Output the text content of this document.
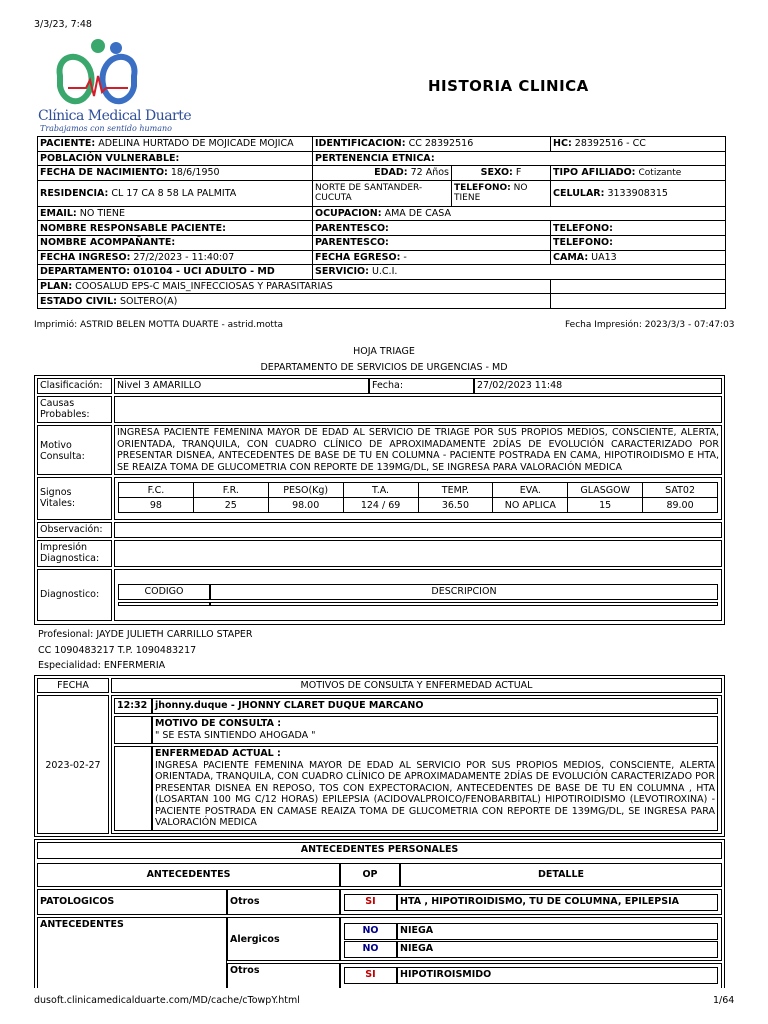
3/3/23, 7:48
Clínica Medical Duarte
Trabajamos con sentido humano
HISTORIA CLINICA
PACIENTE: ADELINA HURTADO DE MOJICADE MOJICA	IDENTIFICACION: CC 28392516		HC: 28392516 - CC
POBLACIÓN VULNERABLE:	PERTENENCIA ETNICA:		
FECHA DE NACIMIENTO: 18/6/1950	EDAD: 72 Años	SEXO: F	TIPO AFILIADO: Cotizante
RESIDENCIA: CL 17 CA 8 58 LA PALMITA	NORTE DE SANTANDER-CUCUTA	TELEFONO: NO TIENE	CELULAR: 3133908315
EMAIL: NO TIENE	OCUPACION: AMA DE CASA		
NOMBRE RESPONSABLE PACIENTE:	PARENTESCO:		TELEFONO:
NOMBRE ACOMPAÑANTE:	PARENTESCO:		TELEFONO:
FECHA INGRESO: 27/2/2023 - 11:40:07	FECHA EGRESO: -		CAMA: UA13
DEPARTAMENTO: 010104 - UCI ADULTO - MD	SERVICIO: U.C.I.		
PLAN: COOSALUD EPS-C MAIS_INFECCIOSAS Y PARASITARIAS			
ESTADO CIVIL: SOLTERO(A)			
Imprimió: ASTRID BELEN MOTTA DUARTE - astrid.motta	Fecha Impresión: 2023/3/3 - 07:47:03
HOJA TRIAGE
DEPARTAMENTO DE SERVICIOS DE URGENCIAS - MD
Clasificación:	Nivel 3 AMARILLO	Fecha:	27/02/2023 11:48
Causas Probables:
Motivo Consulta:
INGRESA PACIENTE FEMENINA MAYOR DE EDAD AL SERVICIO DE TRIAGE POR SUS PROPIOS MEDIOS, CONSCIENTE, ALERTA, ORIENTADA, TRANQUILA, CON CUADRO CLÍNICO DE APROXIMADAMENTE 2DÍAS DE EVOLUCIÓN CARACTERIZADO POR PRESENTAR DISNEA, ANTECEDENTES DE BASE DE TU EN COLUMNA - PACIENTE POSTRADA EN CAMA, HIPOTIROIDISMO E HTA, SE REAIZA TOMA DE GLUCOMETRIA CON REPORTE DE 139MG/DL, SE INGRESA PARA VALORACIÓN MEDICA
Signos Vitales:
F.C.	F.R.	PESO(Kg)	T.A.	TEMP.	EVA.	GLASGOW	SAT02
98	25	98.00	124 / 69	36.50	NO APLICA	15	89.00
Observación:
Impresión Diagnostica:
Diagnostico:	CODIGO	DESCRIPCION
Profesional: JAYDE JULIETH CARRILLO STAPER
CC 1090483217 T.P. 1090483217
Especialidad: ENFERMERIA
FECHA	MOTIVOS DE CONSULTA Y ENFERMEDAD ACTUAL
2023-02-27
12:32 jhonny.duque - JHONNY CLARET DUQUE MARCANO
MOTIVO DE CONSULTA :
" SE ESTA SINTIENDO AHOGADA "
ENFERMEDAD ACTUAL :
INGRESA PACIENTE FEMENINA MAYOR DE EDAD AL SERVICIO POR SUS PROPIOS MEDIOS, CONSCIENTE, ALERTA ORIENTADA, TRANQUILA, CON CUADRO CLÍNICO DE APROXIMADAMENTE 2DÍAS DE EVOLUCIÓN CARACTERIZADO POR PRESENTAR DISNEA EN REPOSO, TOS CON EXPECTORACION, ANTECEDENTES DE BASE DE TU EN COLUMNA , HTA (LOSARTAN 100 MG C/12 HORAS) EPILEPSIA (ACIDOVALPROICO/FENOBARBITAL) HIPOTIROIDISMO (LEVOTIROXINA) - PACIENTE POSTRADA EN CAMASE REAIZA TOMA DE GLUCOMETRIA CON REPORTE DE 139MG/DL, SE INGRESA PARA VALORACIÓN MEDICA
ANTECEDENTES PERSONALES
ANTECEDENTES	OP	DETALLE
PATOLOGICOS	Otros	SI	HTA , HIPOTIROIDISMO, TU DE COLUMNA, EPILEPSIA
ANTECEDENTES
Alergicos
NO	NIEGA
NO	NIEGA
Otros	SI	HIPOTIROISMIDO
dusoft.clinicamedicalduarte.com/MD/cache/cTowpY.html	1/64
